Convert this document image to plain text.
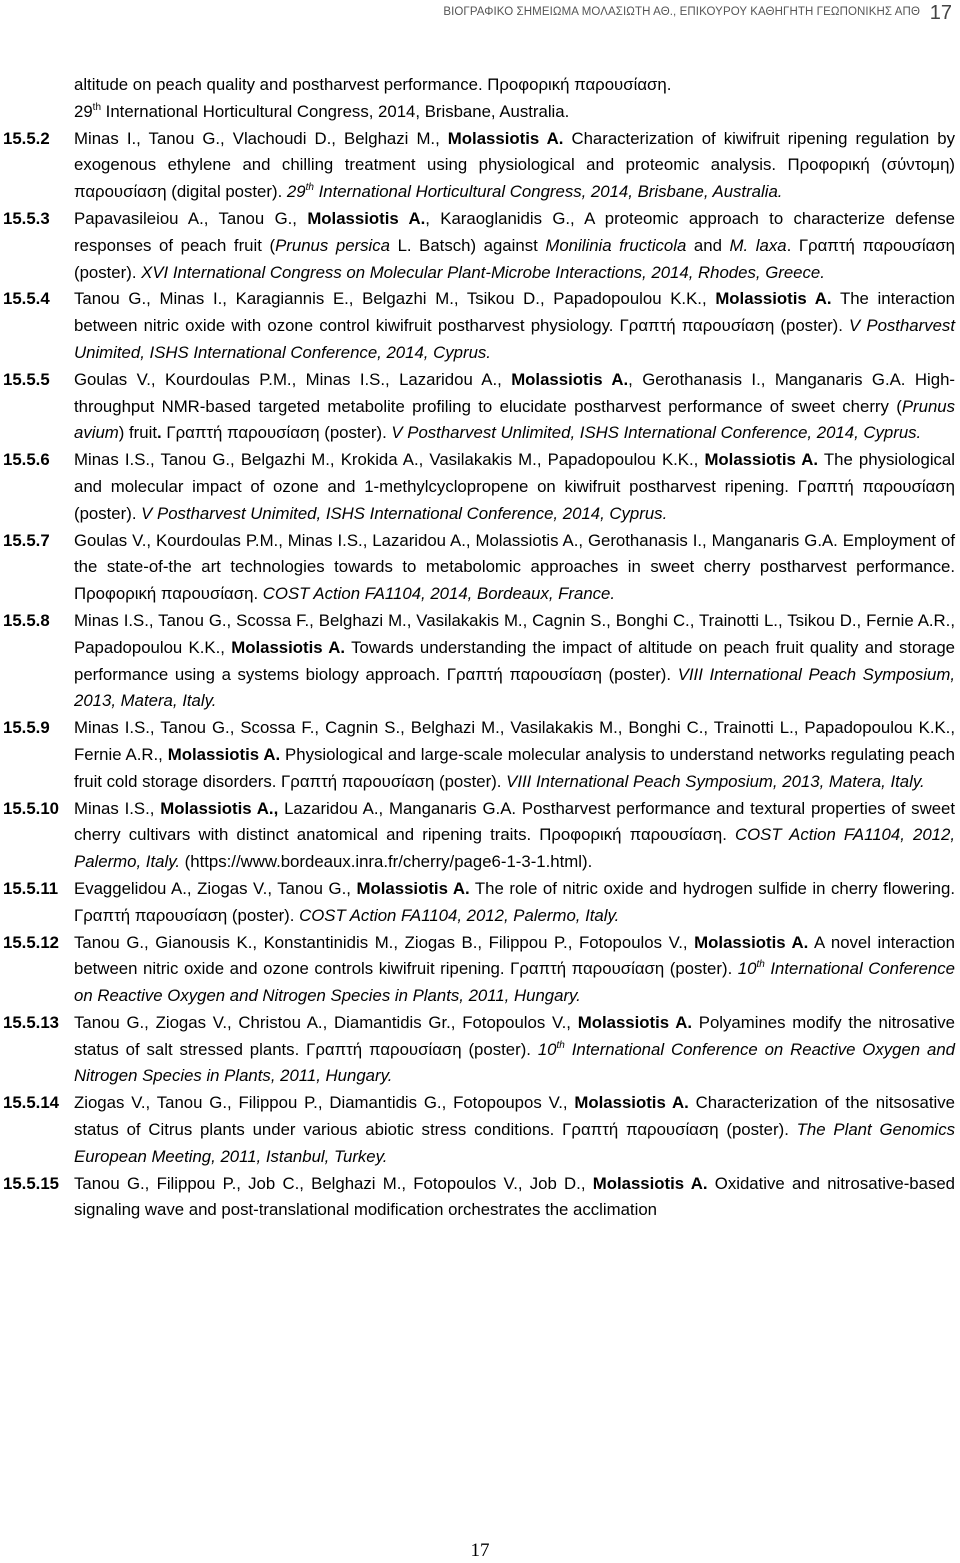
ΒΙΟΓΡΑΦΙΚΟ ΣΗΜΕΙΩΜΑ ΜΟΛΑΣΙΩΤΗ ΑΘ., ΕΠΙΚΟΥΡΟΥ ΚΑΘΗΓΗΤΗ ΓΕΩΠΟΝΙΚΗΣ ΑΠΘ 17
altitude on peach quality and postharvest performance. Προφορική παρουσίαση.
29th International Horticultural Congress, 2014, Brisbane, Australia.
15.5.2 Minas I., Tanou G., Vlachoudi D., Belghazi M., Molassiotis A. Characterization of kiwifruit ripening regulation by exogenous ethylene and chilling treatment using physiological and proteomic analysis. Προφορική (σύντομη) παρουσίαση (digital poster). 29th International Horticultural Congress, 2014, Brisbane, Australia.
15.5.3 Papavasileiou A., Tanou G., Molassiotis A., Karaoglanidis G., A proteomic approach to characterize defense responses of peach fruit (Prunus persica L. Batsch) against Monilinia fructicola and M. laxa. Γραπτή παρουσίαση (poster). XVI International Congress on Molecular Plant-Microbe Interactions, 2014, Rhodes, Greece.
15.5.4 Tanou G., Minas I., Karagiannis E., Belgazhi M., Tsikou D., Papadopoulou K.K., Molassiotis A. The interaction between nitric oxide with ozone control kiwifruit postharvest physiology. Γραπτή παρουσίαση (poster). V Postharvest Unimited, ISHS International Conference, 2014, Cyprus.
15.5.5 Goulas V., Kourdoulas P.M., Minas I.S., Lazaridou A., Molassiotis A., Gerothanasis I., Manganaris G.A. High-throughput NMR-based targeted metabolite profiling to elucidate postharvest performance of sweet cherry (Prunus avium) fruit. Γραπτή παρουσίαση (poster). V Postharvest Unlimited, ISHS International Conference, 2014, Cyprus.
15.5.6 Minas I.S., Tanou G., Belgazhi M., Krokida A., Vasilakakis M., Papadopoulou K.K., Molassiotis A. The physiological and molecular impact of ozone and 1-methylcyclopropene on kiwifruit postharvest ripening. Γραπτή παρουσίαση (poster). V Postharvest Unimited, ISHS International Conference, 2014, Cyprus.
15.5.7 Goulas V., Kourdoulas P.M., Minas I.S., Lazaridou A., Molassiotis A., Gerothanasis I., Manganaris G.A. Employment of the state-of-the art technologies towards to metabolomic approaches in sweet cherry postharvest performance. Προφορική παρουσίαση. COST Action FA1104, 2014, Bordeaux, France.
15.5.8 Minas I.S., Tanou G., Scossa F., Belghazi M., Vasilakakis M., Cagnin S., Bonghi C., Trainotti L., Tsikou D., Fernie A.R., Papadopoulou K.K., Molassiotis A. Towards understanding the impact of altitude on peach fruit quality and storage performance using a systems biology approach. Γραπτή παρουσίαση (poster). VIII International Peach Symposium, 2013, Matera, Italy.
15.5.9 Minas I.S., Tanou G., Scossa F., Cagnin S., Belghazi M., Vasilakakis M., Bonghi C., Trainotti L., Papadopoulou K.K., Fernie A.R., Molassiotis A. Physiological and large-scale molecular analysis to understand networks regulating peach fruit cold storage disorders. Γραπτή παρουσίαση (poster). VIII International Peach Symposium, 2013, Matera, Italy.
15.5.10 Minas I.S., Molassiotis A., Lazaridou A., Manganaris G.A. Postharvest performance and textural properties of sweet cherry cultivars with distinct anatomical and ripening traits. Προφορική παρουσίαση. COST Action FA1104, 2012, Palermo, Italy. (https://www.bordeaux.inra.fr/cherry/page6-1-3-1.html).
15.5.11 Evaggelidou A., Ziogas V., Tanou G., Molassiotis A. The role of nitric oxide and hydrogen sulfide in cherry flowering. Γραπτή παρουσίαση (poster). COST Action FA1104, 2012, Palermo, Italy.
15.5.12 Tanou G., Gianousis K., Konstantinidis M., Ziogas B., Filippou P., Fotopoulos V., Molassiotis A. A novel interaction between nitric oxide and ozone controls kiwifruit ripening. Γραπτή παρουσίαση (poster). 10th International Conference on Reactive Oxygen and Nitrogen Species in Plants, 2011, Hungary.
15.5.13 Tanou G., Ziogas V., Christou A., Diamantidis Gr., Fotopoulos V., Molassiotis A. Polyamines modify the nitrosative status of salt stressed plants. Γραπτή παρουσίαση (poster). 10th International Conference on Reactive Oxygen and Nitrogen Species in Plants, 2011, Hungary.
15.5.14 Ziogas V., Tanou G., Filippou P., Diamantidis G., Fotopoupos V., Molassiotis A. Characterization of the nitsosative status of Citrus plants under various abiotic stress conditions. Γραπτή παρουσίαση (poster). The Plant Genomics European Meeting, 2011, Istanbul, Turkey.
15.5.15 Tanou G., Filippou P., Job C., Belghazi M., Fotopoulos V., Job D., Molassiotis A. Oxidative and nitrosative-based signaling wave and post-translational modification orchestrates the acclimation
17
